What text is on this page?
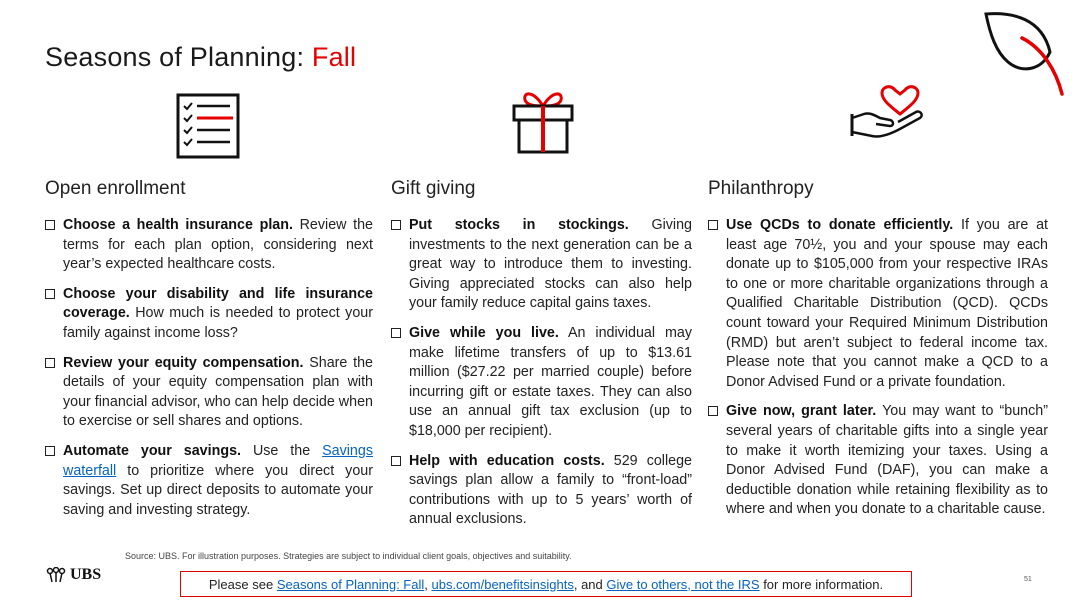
Seasons of Planning: Fall
Open enrollment
Choose a health insurance plan. Review the terms for each plan option, considering next year’s expected healthcare costs.
Choose your disability and life insurance coverage. How much is needed to protect your family against income loss?
Review your equity compensation. Share the details of your equity compensation plan with your financial advisor, who can help decide when to exercise or sell shares and options.
Automate your savings. Use the Savings waterfall to prioritize where you direct your savings. Set up direct deposits to automate your saving and investing strategy.
Gift giving
Put stocks in stockings. Giving investments to the next generation can be a great way to introduce them to investing. Giving appreciated stocks can also help your family reduce capital gains taxes.
Give while you live. An individual may make lifetime transfers of up to $13.61 million ($27.22 per married couple) before incurring gift or estate taxes. They can also use an annual gift tax exclusion (up to $18,000 per recipient).
Help with education costs. 529 college savings plan allow a family to “front-load” contributions with up to 5 years’ worth of annual exclusions.
Philanthropy
Use QCDs to donate efficiently. If you are at least age 70½, you and your spouse may each donate up to $105,000 from your respective IRAs to one or more charitable organizations through a Qualified Charitable Distribution (QCD). QCDs count toward your Required Minimum Distribution (RMD) but aren’t subject to federal income tax. Please note that you cannot make a QCD to a Donor Advised Fund or a private foundation.
Give now, grant later. You may want to “bunch” several years of charitable gifts into a single year to make it worth itemizing your taxes. Using a Donor Advised Fund (DAF), you can make a deductible donation while retaining flexibility as to where and when you donate to a charitable cause.
Source: UBS. For illustration purposes. Strategies are subject to individual client goals, objectives and suitability.
UBS
Please see Seasons of Planning: Fall , ubs.com/benefitsinsights , and Give to others, not the IRS for more information.	51
